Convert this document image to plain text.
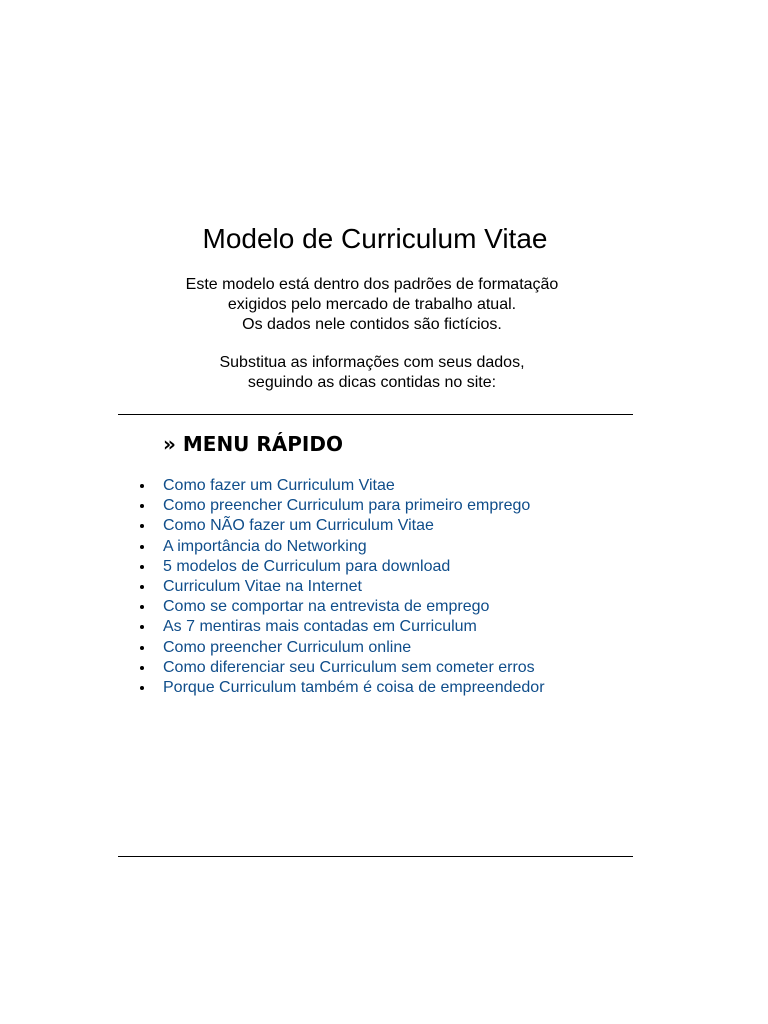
Modelo de Curriculum Vitae
Este modelo está dentro dos padrões de formatação
exigidos pelo mercado de trabalho atual.
Os dados nele contidos são fictícios.
Substitua as informações com seus dados,
seguindo as dicas contidas no site:
» MENU RÁPIDO
Como fazer um Curriculum Vitae
Como preencher Curriculum para primeiro emprego
Como NÃO fazer um Curriculum Vitae
A importância do Networking
5 modelos de Curriculum para download
Curriculum Vitae na Internet
Como se comportar na entrevista de emprego
As 7 mentiras mais contadas em Curriculum
Como preencher Curriculum online
Como diferenciar seu Curriculum sem cometer erros
Porque Curriculum também é coisa de empreendedor
